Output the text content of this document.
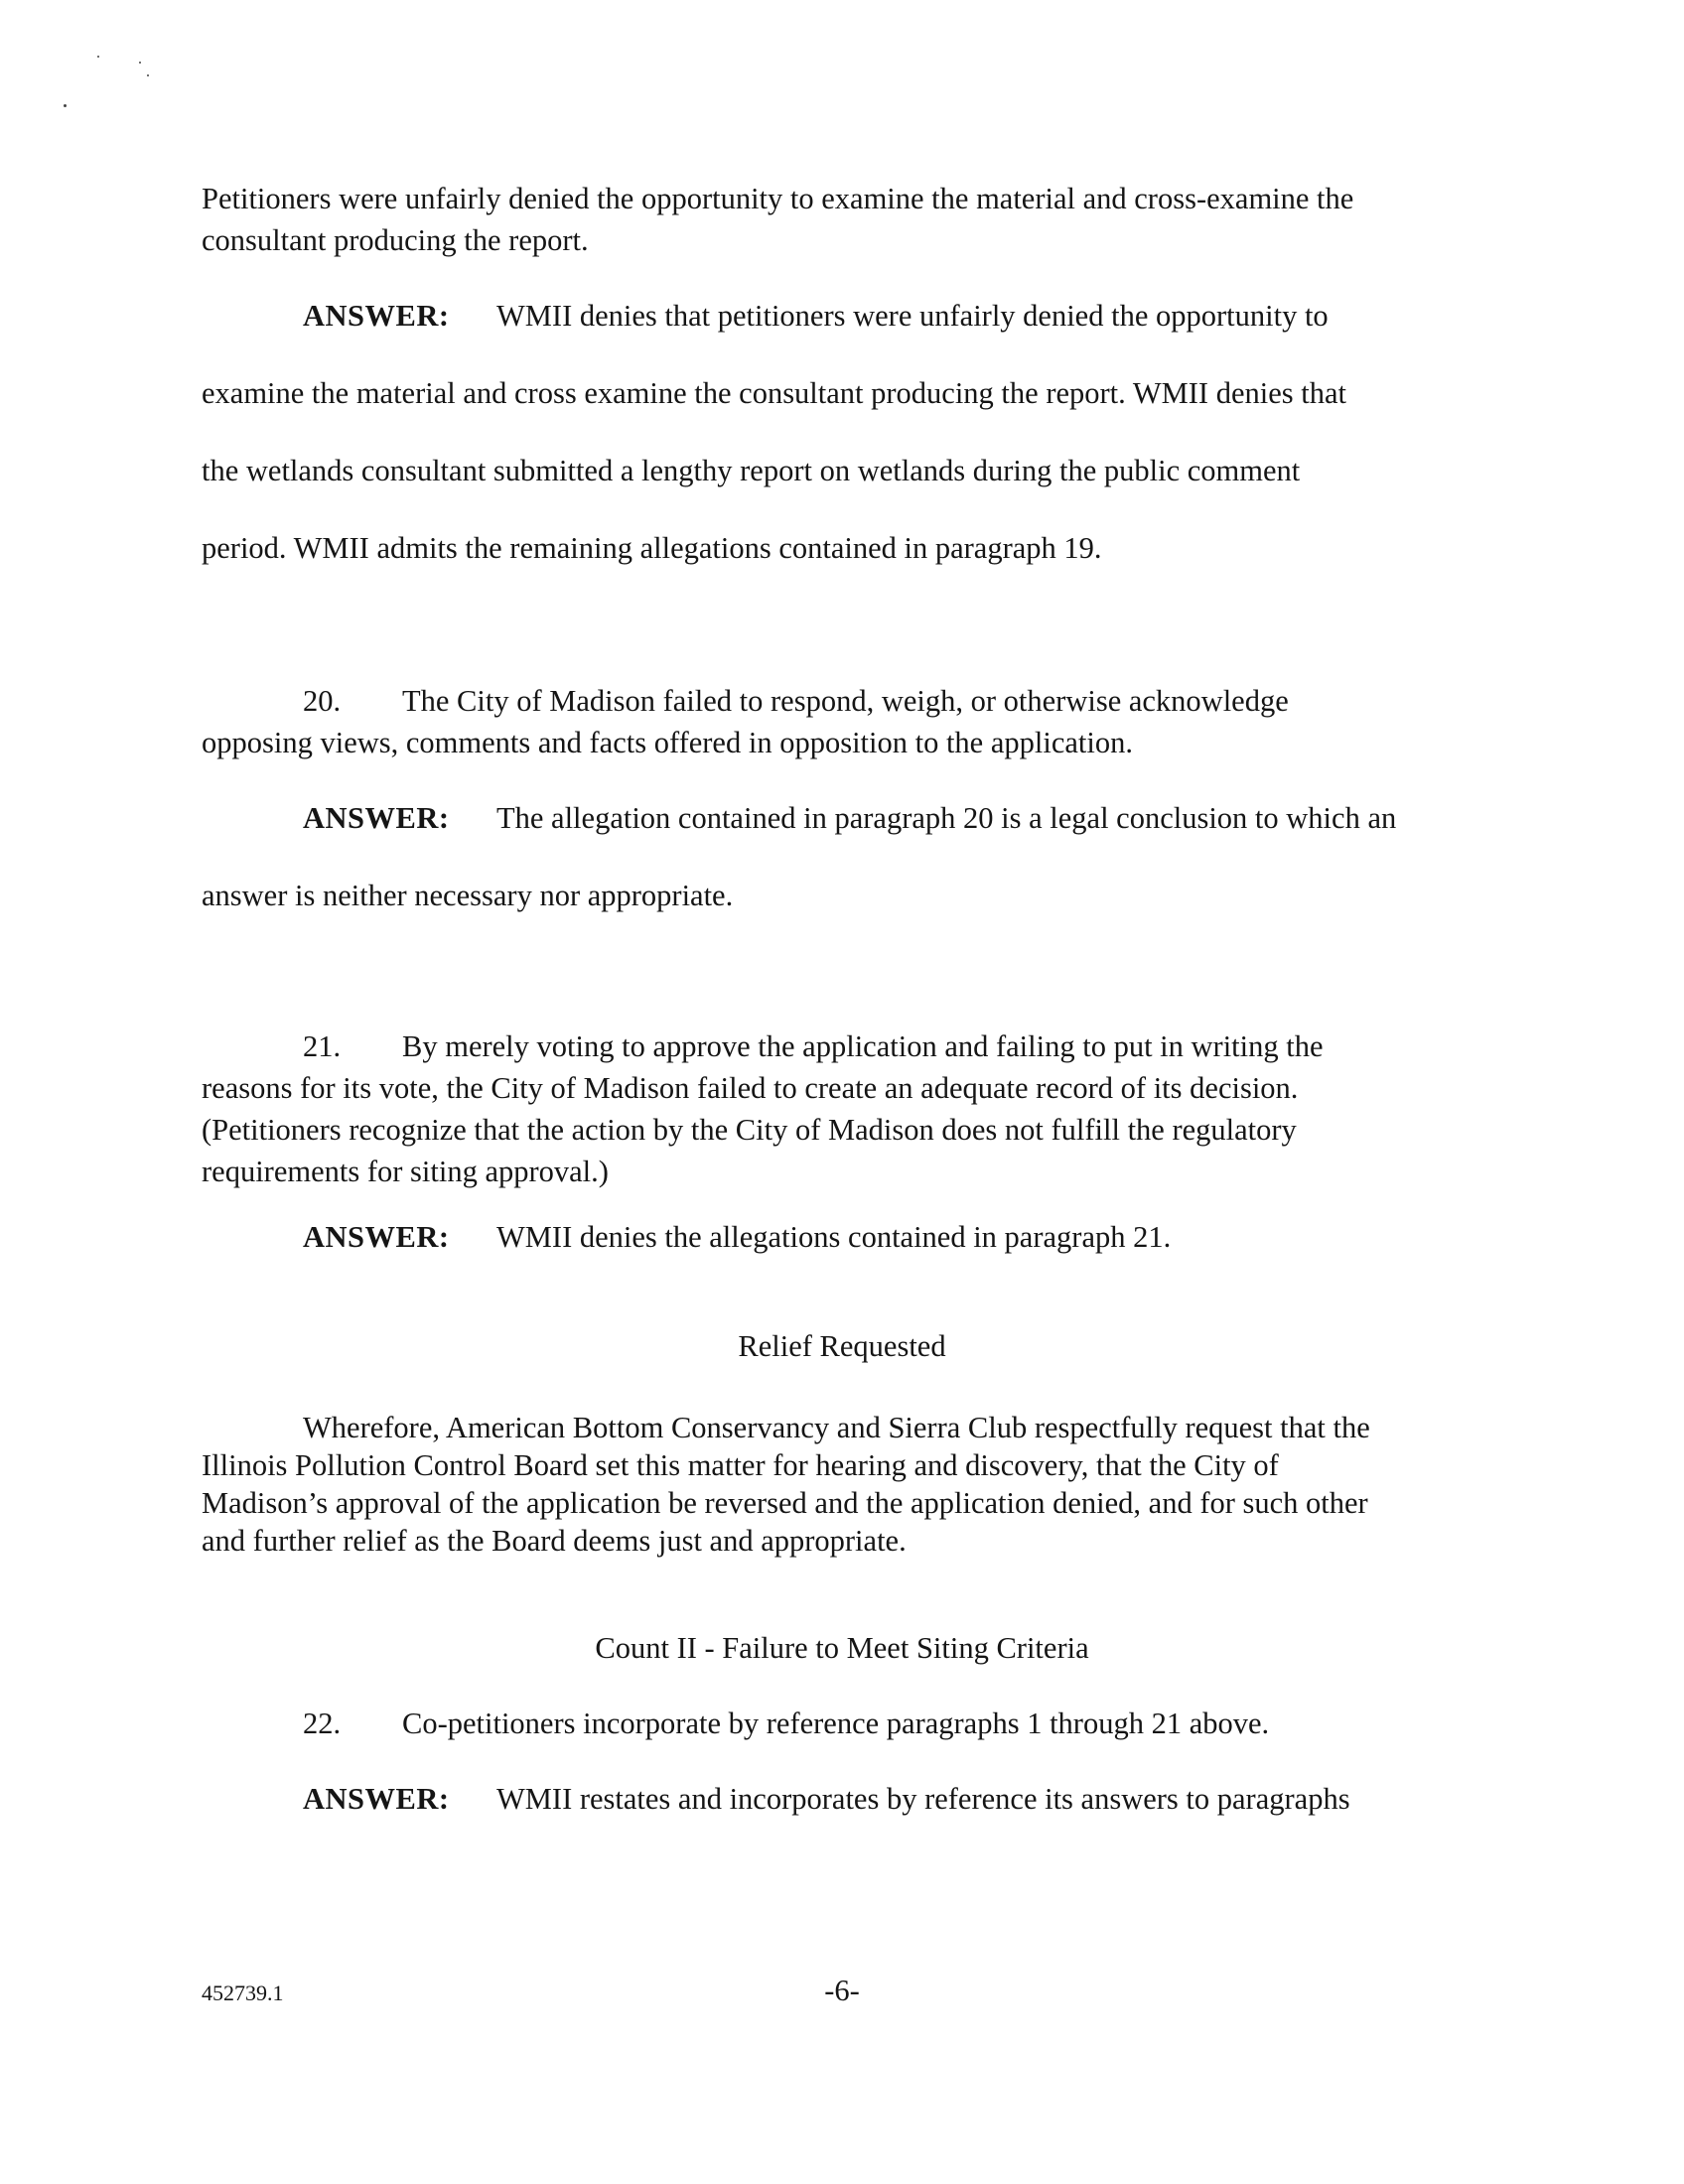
Petitioners were unfairly denied the opportunity to examine the material and cross-examine the
consultant producing the report.
ANSWER: WMII denies that petitioners were unfairly denied the opportunity to
examine the material and cross examine the consultant producing the report. WMII denies that
the wetlands consultant submitted a lengthy report on wetlands during the public comment
period. WMII admits the remaining allegations contained in paragraph 19.
20. The City of Madison failed to respond, weigh, or otherwise acknowledge
opposing views, comments and facts offered in opposition to the application.
ANSWER: The allegation contained in paragraph 20 is a legal conclusion to which an
answer is neither necessary nor appropriate.
21. By merely voting to approve the application and failing to put in writing the
reasons for its vote, the City of Madison failed to create an adequate record of its decision.
(Petitioners recognize that the action by the City of Madison does not fulfill the regulatory
requirements for siting approval.)
ANSWER: WMII denies the allegations contained in paragraph 21.
Relief Requested
Wherefore, American Bottom Conservancy and Sierra Club respectfully request that the
Illinois Pollution Control Board set this matter for hearing and discovery, that the City of
Madison’s approval of the application be reversed and the application denied, and for such other
and further relief as the Board deems just and appropriate.
Count II - Failure to Meet Siting Criteria
22. Co-petitioners incorporate by reference paragraphs 1 through 21 above.
ANSWER: WMII restates and incorporates by reference its answers to paragraphs
452739.1	-6-
